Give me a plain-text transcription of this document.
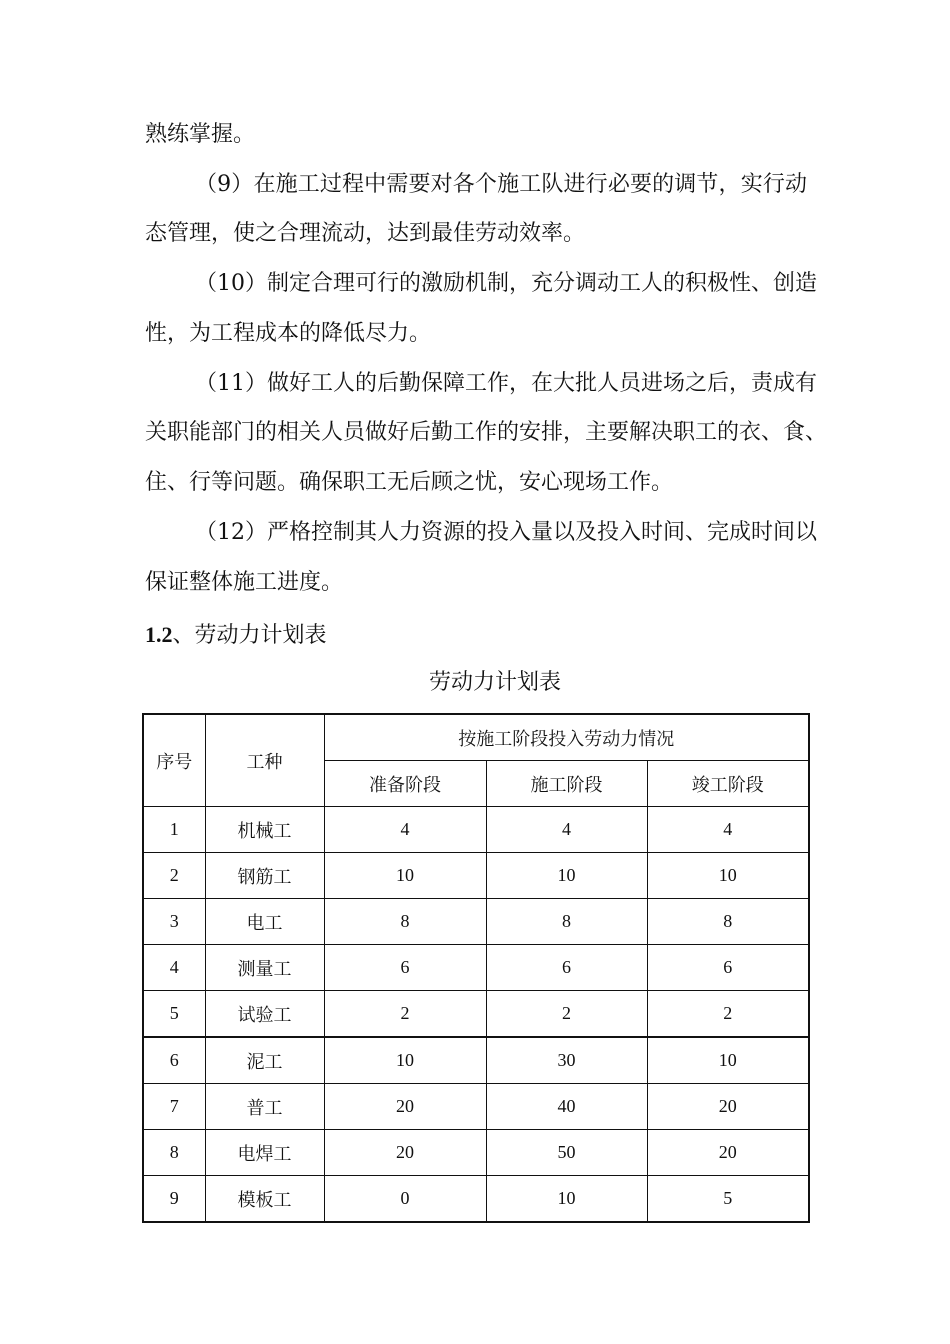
熟练掌握。
（9）在施工过程中需要对各个施工队进行必要的调节，实行动
态管理，使之合理流动，达到最佳劳动效率。
（10）制定合理可行的激励机制，充分调动工人的积极性、创造
性，为工程成本的降低尽力。
（11）做好工人的后勤保障工作，在大批人员进场之后，责成有
关职能部门的相关人员做好后勤工作的安排，主要解决职工的衣、食、
住、行等问题。确保职工无后顾之忧，安心现场工作。
（12）严格控制其人力资源的投入量以及投入时间、完成时间以
保证整体施工进度。
1.2、劳动力计划表
劳动力计划表
序号	工种	按施工阶段投入劳动力情况		
		准备阶段	施工阶段	竣工阶段
1	机械工	4	4	4
2	钢筋工	10	10	10
3	电工	8	8	8
4	测量工	6	6	6
5	试验工	2	2	2
6	泥工	10	30	10
7	普工	20	40	20
8	电焊工	20	50	20
9	模板工	0	10	5
